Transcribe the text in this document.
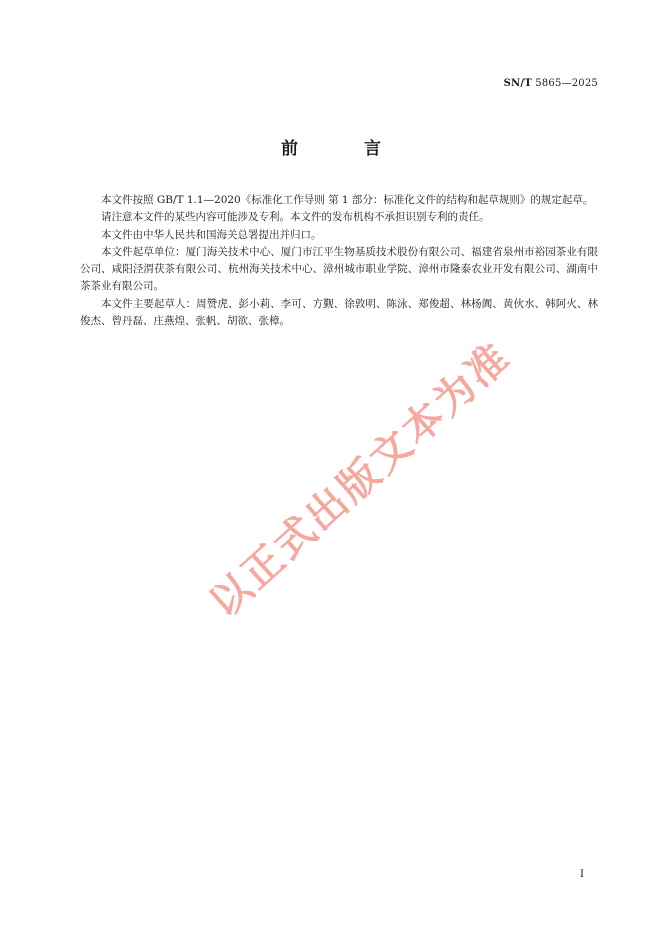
SN/T 5865—2025
前 言

本文件按照 GB/T 1.1—2020《标准化工作导则 第 1 部分：标准化文件的结构和起草规则》的规定起草。

请注意本文件的某些内容可能涉及专利。本文件的发布机构不承担识别专利的责任。

本文件由中华人民共和国海关总署提出并归口。

本文件起草单位：厦门海关技术中心、厦门市江平生物基质技术股份有限公司、福建省泉州市裕园茶业有限公司、咸阳泾渭茯茶有限公司、杭州海关技术中心、漳州城市职业学院、漳州市隆泰农业开发有限公司、湖南中茶茶业有限公司。

本文件主要起草人：周赞虎、彭小莉、李可、方觐、徐敦明、陈泳、郑俊超、林杨阗、黄伙水、韩阿火、林俊杰、曾丹磊、庄燕煌、张帆、胡欲、张樟。

以正式出版文本为准
I
